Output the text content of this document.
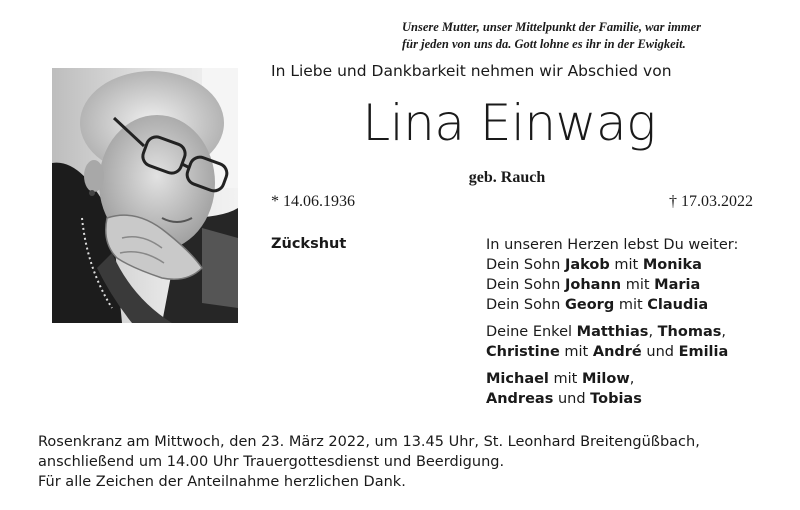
Unsere Mutter, unser Mittelpunkt der Familie, war immer
für jeden von uns da. Gott lohne es ihr in der Ewigkeit.
In Liebe und Dankbarkeit nehmen wir Abschied von
Lina Einwag
geb. Rauch
* 14.06.1936	† 17.03.2022
Zückshut	In unseren Herzen lebst Du weiter:
Dein Sohn Jakob mit Monika
Dein Sohn Johann mit Maria
Dein Sohn Georg mit Claudia
Deine Enkel Matthias, Thomas,
Christine mit André und Emilia
Michael mit Milow,
Andreas und Tobias
Rosenkranz am Mittwoch, den 23. März 2022, um 13.45 Uhr, St. Leonhard Breitengüßbach,
anschließend um 14.00 Uhr Trauergottesdienst und Beerdigung.
Für alle Zeichen der Anteilnahme herzlichen Dank.
